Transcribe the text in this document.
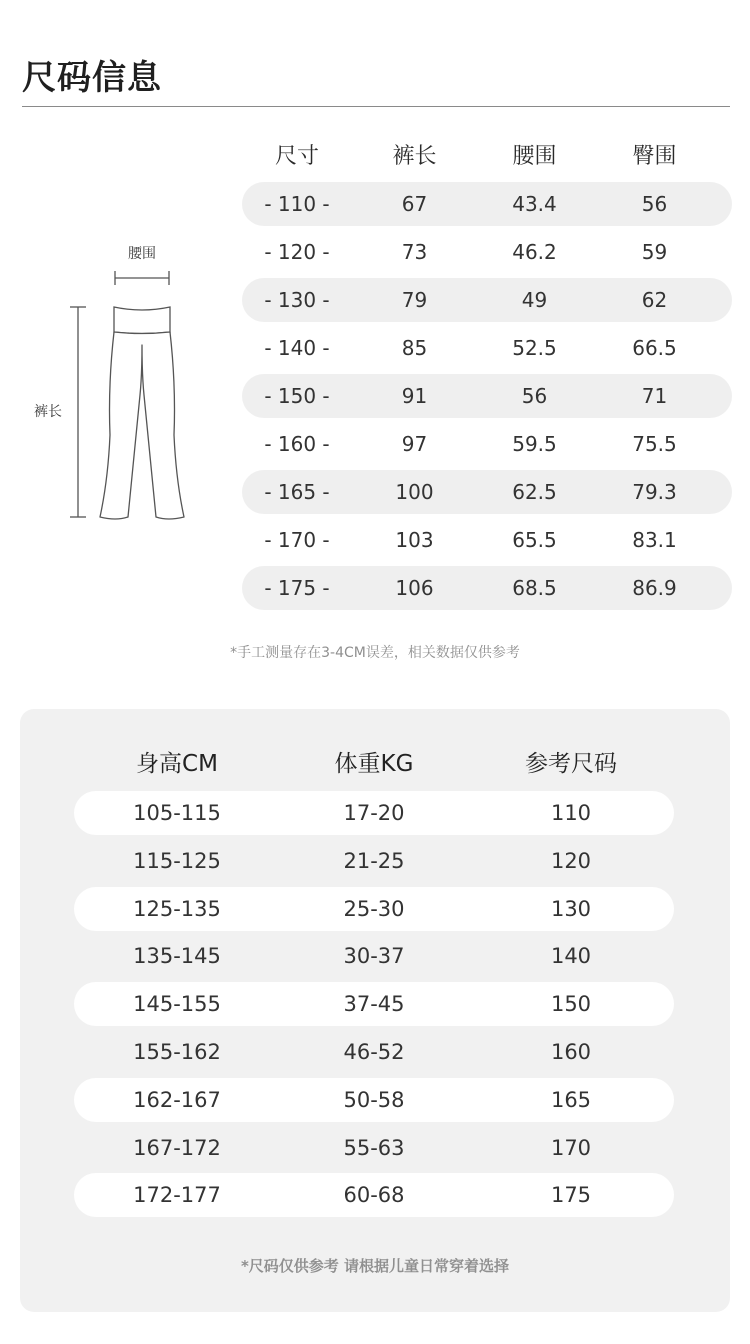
尺码信息
腰围
裤长
尺寸	裤长	腰围	臀围
- 110 -	67	43.4	56
- 120 -	73	46.2	59
- 130 -	79	49	62
- 140 -	85	52.5	66.5
- 150 -	91	56	71
- 160 -	97	59.5	75.5
- 165 -	100	62.5	79.3
- 170 -	103	65.5	83.1
- 175 -	106	68.5	86.9
*手工测量存在3-4CM误差，相关数据仅供参考
身高CM	体重KG	参考尺码
105-115	17-20	110
115-125	21-25	120
125-135	25-30	130
135-145	30-37	140
145-155	37-45	150
155-162	46-52	160
162-167	50-58	165
167-172	55-63	170
172-177	60-68	175
*尺码仅供参考 请根据儿童日常穿着选择
